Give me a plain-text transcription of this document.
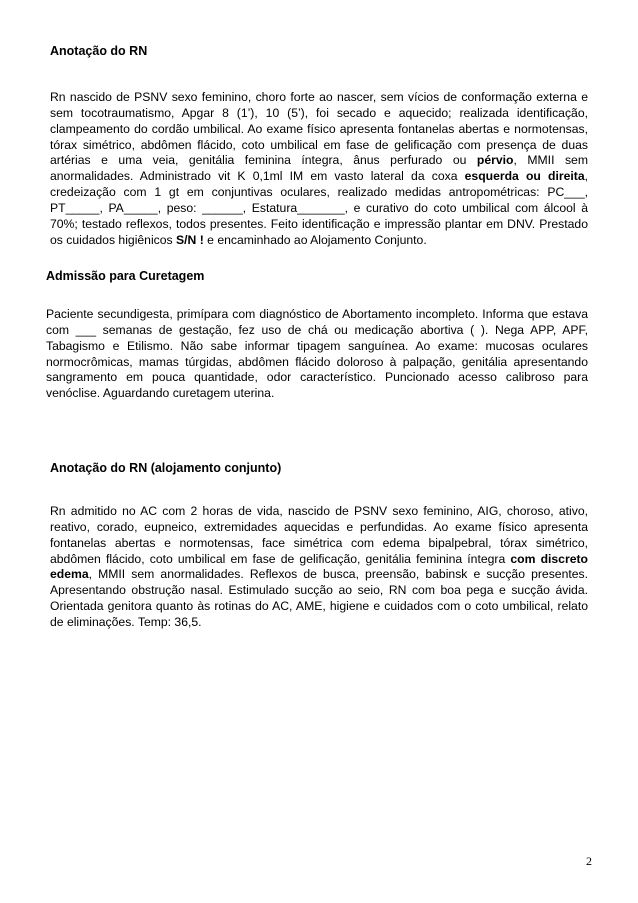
Anotação do RN
Rn nascido de PSNV sexo feminino, choro forte ao nascer, sem vícios de conformação externa e sem tocotraumatismo, Apgar 8 (1’), 10 (5’), foi secado e aquecido; realizada identificação, clampeamento do cordão umbilical. Ao exame físico apresenta fontanelas abertas e normotensas, tórax simétrico, abdômen flácido, coto umbilical em fase de gelificação com presença de duas artérias e uma veia, genitália feminina íntegra, ânus perfurado ou pérvio, MMII sem anormalidades. Administrado vit K 0,1ml IM em vasto lateral da coxa esquerda ou direita, credeização com 1 gt em conjuntivas oculares, realizado medidas antropométricas: PC___, PT_____, PA_____, peso: ______, Estatura_______, e curativo do coto umbilical com álcool à 70%; testado reflexos, todos presentes. Feito identificação e impressão plantar em DNV. Prestado os cuidados higiênicos S/N ! e encaminhado ao Alojamento Conjunto.
Admissão para Curetagem
Paciente secundigesta, primípara com diagnóstico de Abortamento incompleto. Informa que estava com ___ semanas de gestação, fez uso de chá ou medicação abortiva ( ). Nega APP, APF, Tabagismo e Etilismo. Não sabe informar tipagem sanguínea. Ao exame: mucosas oculares normocrômicas, mamas túrgidas, abdômen flácido doloroso à palpação, genitália apresentando sangramento em pouca quantidade, odor característico. Puncionado acesso calibroso para venóclise. Aguardando curetagem uterina.
Anotação do RN (alojamento conjunto)
Rn admitido no AC com 2 horas de vida, nascido de PSNV sexo feminino, AIG, choroso, ativo, reativo, corado, eupneico, extremidades aquecidas e perfundidas. Ao exame físico apresenta fontanelas abertas e normotensas, face simétrica com edema bipalpebral, tórax simétrico, abdômen flácido, coto umbilical em fase de gelificação, genitália feminina íntegra com discreto edema, MMII sem anormalidades. Reflexos de busca, preensão, babinsk e sucção presentes. Apresentando obstrução nasal. Estimulado sucção ao seio, RN com boa pega e sucção ávida. Orientada genitora quanto às rotinas do AC, AME, higiene e cuidados com o coto umbilical, relato de eliminações. Temp: 36,5.
2
